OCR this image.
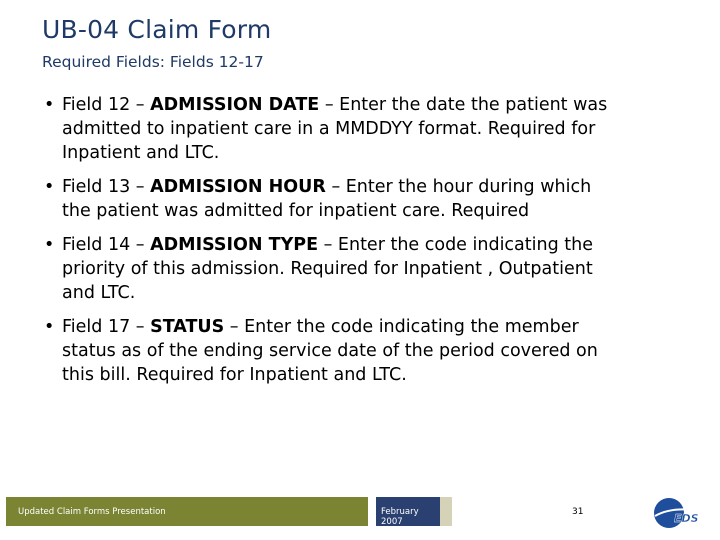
UB-04 Claim Form
Required Fields: Fields 12-17
• Field 12 – ADMISSION DATE – Enter the date the patient was admitted to inpatient care in a MMDDYY format. Required for Inpatient and LTC.
• Field 13 – ADMISSION HOUR – Enter the hour during which the patient was admitted for inpatient care. Required
• Field 14 – ADMISSION TYPE – Enter the code indicating the priority of this admission. Required for Inpatient , Outpatient and LTC.
• Field 17 – STATUS – Enter the code indicating the member status as of the ending service date of the period covered on this bill. Required for Inpatient and LTC.
Updated Claim Forms Presentation	February 2007
31	EDS
